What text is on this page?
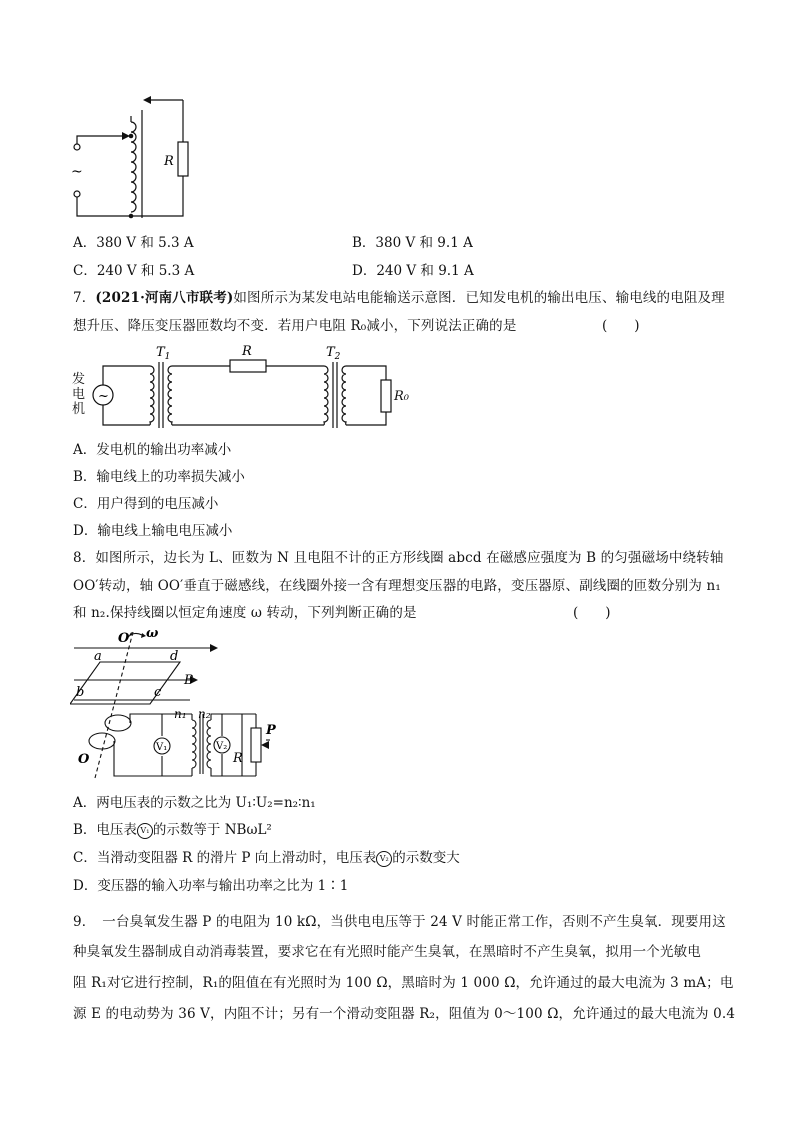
R
~
A．380 V 和 5.3 A	B．380 V 和 9.1 A
C．240 V 和 5.3 A	D．240 V 和 9.1 A
7．(2021·河南八市联考)如图所示为某发电站电能输送示意图．已知发电机的输出电压、输电线的电阻及理
想升压、降压变压器匝数均不变．若用户电阻 R₀减小，下列说法正确的是	(　　)
~
$T_1$	R	$T_2$
R₀
发
电
机
A．发电机的输出功率减小
B．输电线上的功率损失减小
C．用户得到的电压减小
D．输电线上输电电压减小
8．如图所示，边长为 L、匝数为 N 且电阻不计的正方形线圈 abcd 在磁感应强度为 B 的匀强磁场中绕转轴
OO′转动，轴 OO′垂直于磁感线，在线圈外接一含有理想变压器的电路，变压器原、副线圈的匝数分别为 n₁
和 n₂.保持线圈以恒定角速度 ω 转动，下列判断正确的是	(　　)
O′ ω
a	d
b	c
B
O
n₁ n₂
V₁	V₂
R
P
A．两电压表的示数之比为 U₁∶U₂=n₂∶n₁
B．电压表 V₁ 的示数等于 NBωL²
C．当滑动变阻器 R 的滑片 P 向上滑动时，电压表 V₂ 的示数变大
D．变压器的输入功率与输出功率之比为 1∶1
9．　一台臭氧发生器 P 的电阻为 10 kΩ，当供电电压等于 24 V 时能正常工作，否则不产生臭氧．现要用这
种臭氧发生器制成自动消毒装置，要求它在有光照时能产生臭氧，在黑暗时不产生臭氧，拟用一个光敏电
阻 R₁对它进行控制，R₁的阻值在有光照时为 100 Ω，黑暗时为 1 000 Ω，允许通过的最大电流为 3 mA；电
源 E 的电动势为 36 V，内阻不计；另有一个滑动变阻器 R₂，阻值为 0～100 Ω，允许通过的最大电流为 0.4
